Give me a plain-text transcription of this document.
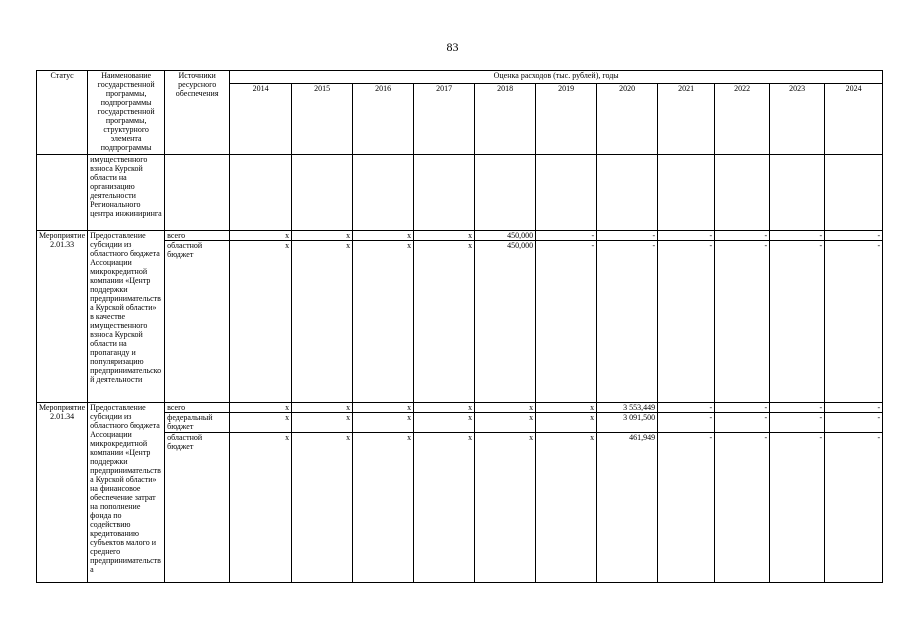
83
Статус	Наименование государственной программы, подпрограммы государственной программы, структурного элемента подпрограммы	Источники ресурсного обеспечения	Оценка расходов (тыс. рублей), годы										
			2014	2015	2016	2017	2018	2019	2020	2021	2022	2023	2024
	имущественного взноса Курской области на организацию деятельности Регионального центра инжиниринга												
Мероприятие 2.01.33	Предоставление субсидии из областного бюджета Ассоциации микрокредитной компании «Центр поддержки предпринимательства Курской области» в качестве имущественного взноса Курской области на пропаганду и популяризацию предпринимательской деятельности	всего	x	x	x	x	450,000	-	-	-	-	-	-
		областной бюджет	x	x	x	x	450,000	-	-	-	-	-	-
Мероприятие 2.01.34	Предоставление субсидии из областного бюджета Ассоциации микрокредитной компании «Центр поддержки предпринимательства Курской области» на финансовое обеспечение затрат на пополнение фонда по содействию кредитованию субъектов малого и среднего предпринимательства	всего	x	x	x	x	x	x	3 553,449	-	-	-	-
		федеральный бюджет	x	x	x	x	x	x	3 091,500	-	-	-	-
		областной бюджет	x	x	x	x	x	x	461,949	-	-	-	-
